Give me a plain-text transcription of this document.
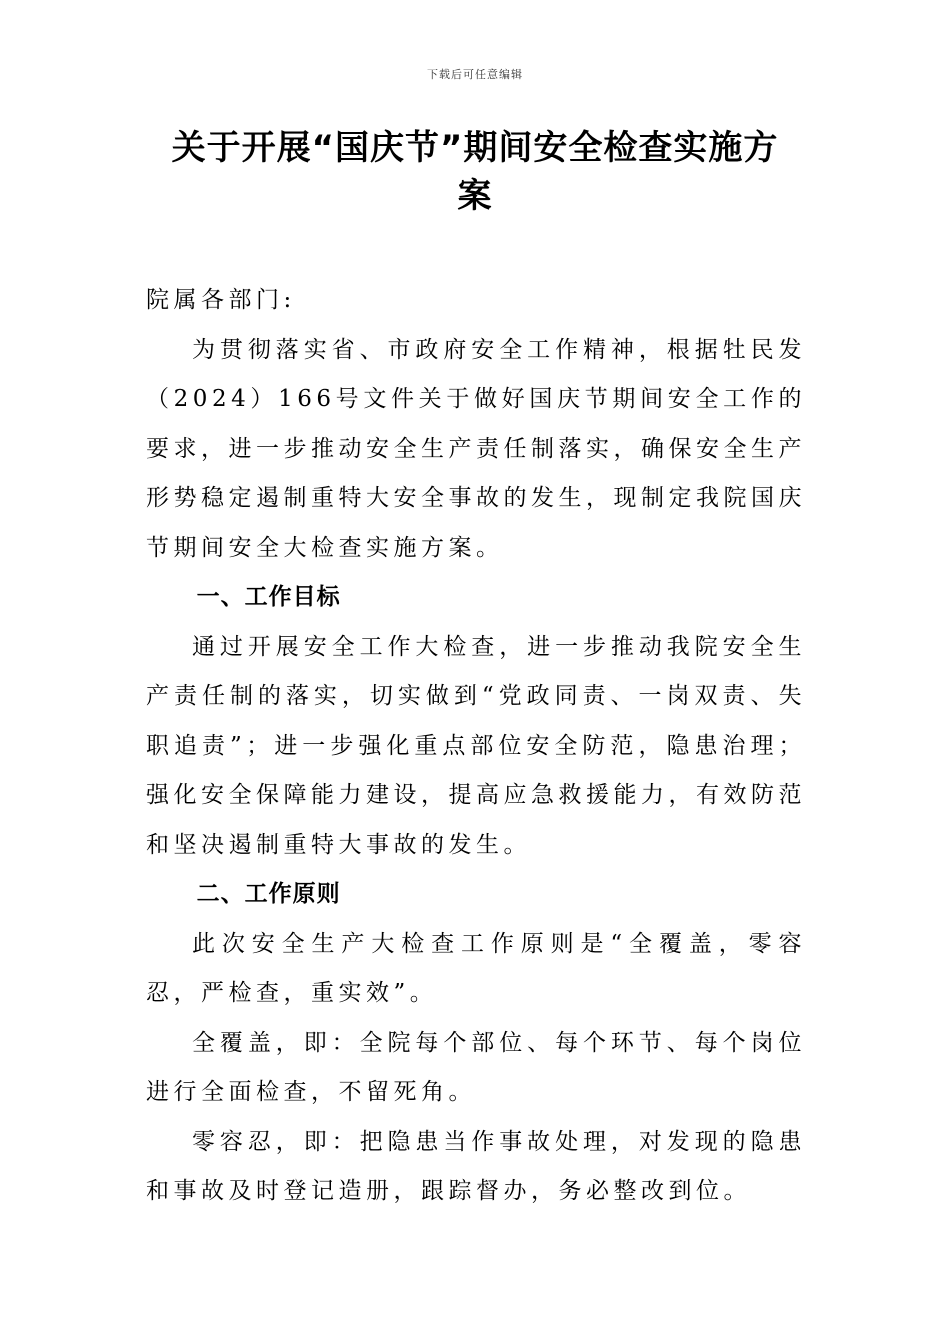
下载后可任意编辑
关于开展“国庆节”期间安全检查实施方
案

院属各部门:

为贯彻落实省、市政府安全工作精神，根据牡民发（2024）166号文件关于做好国庆节期间安全工作的要求，进一步推动安全生产责任制落实，确保安全生产形势稳定遏制重特大安全事故的发生，现制定我院国庆节期间安全大检查实施方案。

一、工作目标

通过开展安全工作大检查，进一步推动我院安全生产责任制的落实，切实做到“党政同责、一岗双责、失职追责”；进一步强化重点部位安全防范，隐患治理；强化安全保障能力建设，提高应急救援能力，有效防范和坚决遏制重特大事故的发生。

二、工作原则

此次安全生产大检查工作原则是“全覆盖，零容忍，严检查，重实效”。

全覆盖，即：全院每个部位、每个环节、每个岗位进行全面检查，不留死角。

零容忍，即：把隐患当作事故处理，对发现的隐患和事故及时登记造册，跟踪督办，务必整改到位。
